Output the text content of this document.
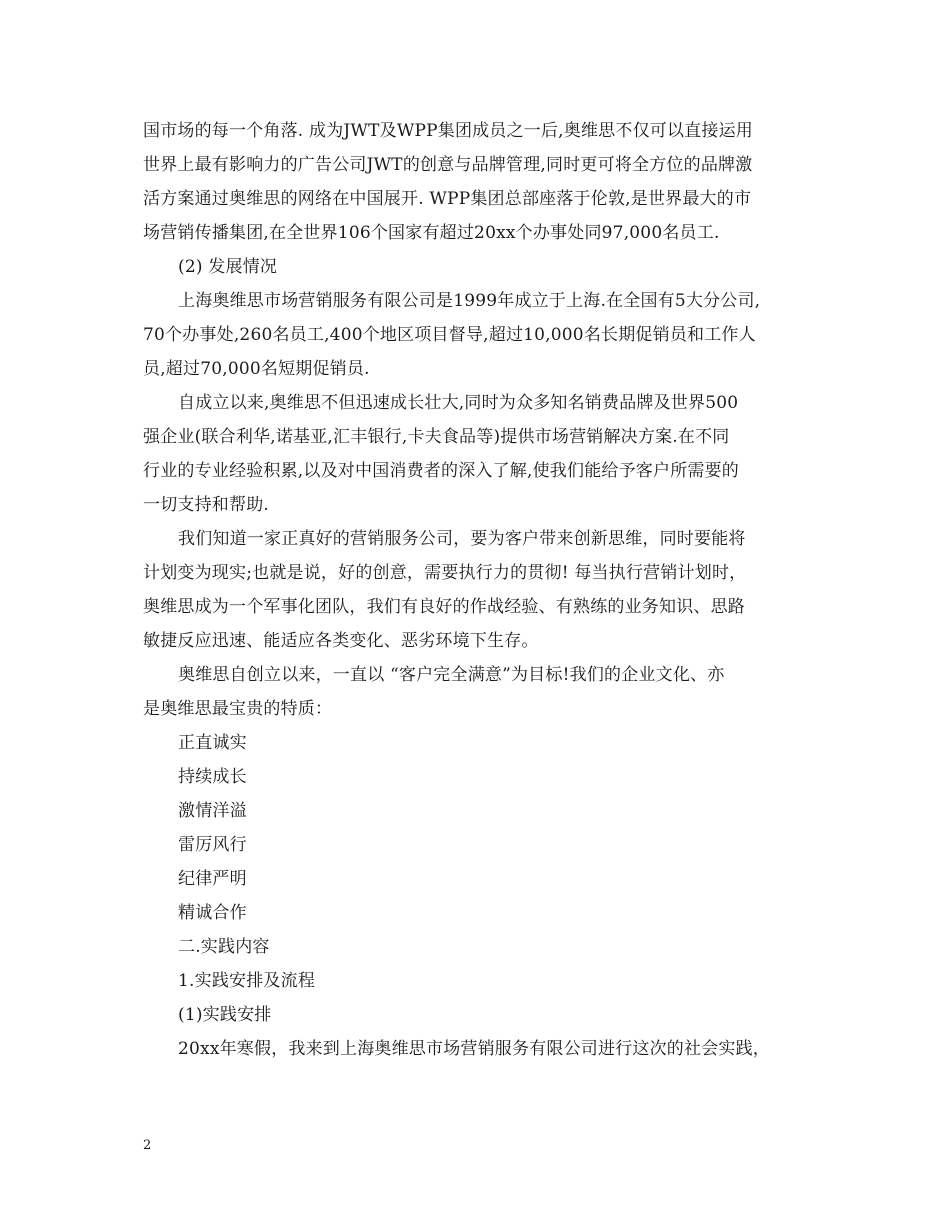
国市场的每一个角落. 成为JWT及WPP集团成员之一后,奥维思不仅可以直接运用
世界上最有影响力的广告公司JWT的创意与品牌管理,同时更可将全方位的品牌激
活方案通过奥维思的网络在中国展开. WPP集团总部座落于伦敦,是世界最大的市
场营销传播集团,在全世界106个国家有超过20xx个办事处同97,000名员工.
(2) 发展情况
上海奥维思市场营销服务有限公司是1999年成立于上海.在全国有5大分公司,
70个办事处,260名员工,400个地区项目督导,超过10,000名长期促销员和工作人
员,超过70,000名短期促销员.
自成立以来,奥维思不但迅速成长壮大,同时为众多知名销费品牌及世界500
强企业(联合利华,诺基亚,汇丰银行,卡夫食品等)提供市场营销解决方案.在不同
行业的专业经验积累,以及对中国消费者的深入了解,使我们能给予客户所需要的
一切支持和帮助.
我们知道一家正真好的营销服务公司，要为客户带来创新思维，同时要能将
计划变为现实;也就是说，好的创意，需要执行力的贯彻! 每当执行营销计划时，
奥维思成为一个军事化团队，我们有良好的作战经验、有熟练的业务知识、思路
敏捷反应迅速、能适应各类变化、恶劣环境下生存。
奥维思自创立以来，一直以 “客户完全满意”为目标!我们的企业文化、亦
是奥维思最宝贵的特质：
正直诚实
持续成长
激情洋溢
雷厉风行
纪律严明
精诚合作
二.实践内容
1.实践安排及流程
(1)实践安排
20xx年寒假，我来到上海奥维思市场营销服务有限公司进行这次的社会实践，
2
